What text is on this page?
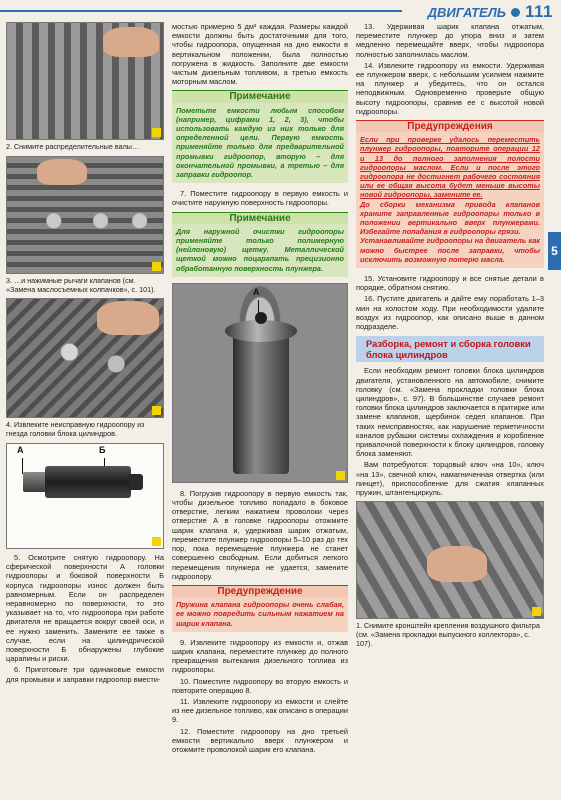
ДВИГАТЕЛЬ 111
5
2. Снимите распределительные валы…
3. …и нажимные рычаги клапанов (см. «Замена маслосъемных колпачков», с. 101).
4. Извлеките неисправную гидроопору из гнезда головки блока цилиндров.
А	Б

5. Осмотрите снятую гидроопору. На сферической поверхности А головки гидроопоры и боковой поверхности Б корпуса гидроопоры износ должен быть равномерным. Если он распределен неравномерно по поверхности, то это указывает на то, что гидроопора при работе двигателя не вращается вокруг своей оси, и ее нужно заменить. Замените ее также в случае, если на цилиндрической поверхности Б обнаружены глубокие царапины и риски.

6. Приготовьте три одинаковые емкости для промывки и заправки гидроопор вмести-

мостью примерно 5 дм³ каждая. Размеры каждой емкости должны быть достаточными для того, чтобы гидроопора, опущенная на дно емкости в вертикальном положении, была полностью погружена в жидкость. Заполните две емкости чистым дизельным топливом, а третью емкость моторным маслом.

Примечание
Пометьте емкости любым способом (например, цифрами 1, 2, 3), чтобы использовать каждую из них только для определенной цели. Первую емкость применяйте только для предварительной промывки гидроопор, вторую – для окончательной промывки, а третью – для заправки гидроопор.

7. Поместите гидроопору в первую емкость и очистите наружную поверхность гидроопоры.

Примечание
Для наружной очистки гидроопоры применяйте только полимерную (нейлоновую) щетку. Металлической щеткой можно поцарапать прецизионно обработанную поверхность плунжера.
А

8. Погрузив гидроопору в первую емкость так, чтобы дизельное топливо попадало в боковое отверстие, легким нажатием проволоки через отверстие А в головке гидроопоры отожмите шарик клапана и, удерживая шарик отжатым, переместите плунжер гидроопоры 5–10 раз до тех пор, пока перемещение плунжера не станет совершенно свободным. Если добиться легкого перемещения плунжера не удается, замените гидроопору.

Предупреждение
Пружина клапана гидроопоры очень слабая, ее можно повредить сильным нажатием на шарик клапана.

9. Извлеките гидроопору из емкости и, отжав шарик клапана, переместите плунжер до полного прекращения вытекания дизельного топлива из гидроопоры.

10. Поместите гидроопору во вторую емкость и повторите операцию 8.

11. Извлеките гидроопору из емкости и слейте из нее дизельное топливо, как описано в операции 9.

12. Поместите гидроопору на дно третьей емкости вертикально вверх плунжером и отожмите проволокой шарик его клапана.

13. Удерживая шарик клапана отжатым, переместите плунжер до упора вниз и затем медленно перемещайте вверх, чтобы гидроопора полностью заполнилась маслом.

14. Извлеките гидроопору из емкости. Удерживая ее плунжером вверх, с небольшим усилием нажмите на плунжер и убедитесь, что он остался неподвижным. Одновременно проверьте общую высоту гидроопоры, сравнив ее с высотой новой гидроопоры.

Предупреждения
Если при проверке удалось переместить плунжер гидроопоры, повторите операции 12 и 13 до полного заполнения полости гидроопоры маслом. Если и после этого гидроопора не достигнет рабочего состояния или ее общая высота будет меньше высоты новой гидроопоры, замените ее.
До сборки механизма привода клапанов храните заправленные гидроопоры только в положении вертикально вверх плунжерами. Избегайте попадания в гидроопоры грязи.
Устанавливайте гидроопоры на двигатель как можно быстрее после заправки, чтобы исключить возможную потерю масла.

15. Установите гидроопору и все снятые детали в порядке, обратном снятию.

16. Пустите двигатель и дайте ему поработать 1–3 мин на холостом ходу. При необходимости удалите воздух из гидроопор, как описано выше в данном подразделе.

Разборка, ремонт и сборка головки блока цилиндров

Если необходим ремонт головки блока цилиндров двигателя, установленного на автомобиле, снимите головку (см. «Замена прокладки головки блока цилиндров», с. 97). В большинстве случаев ремонт головки блока цилиндров заключается в притирке или замене клапанов, щербинок седел клапанов. При таких неисправностях, как нарушение герметичности каналов рубашки системы охлаждения и коробление привалочной поверхности к блоку цилиндров, головку блока заменяют.

Вам потребуются: торцовый ключ «на 10», ключ «на 13», свечной ключ, намагниченная отвертка (или пинцет), приспособление для сжатия клапанных пружин, штангенциркуль.

1. Снимите кронштейн крепления воздушного фильтра (см. «Замена прокладки выпускного коллектора», с. 107).
